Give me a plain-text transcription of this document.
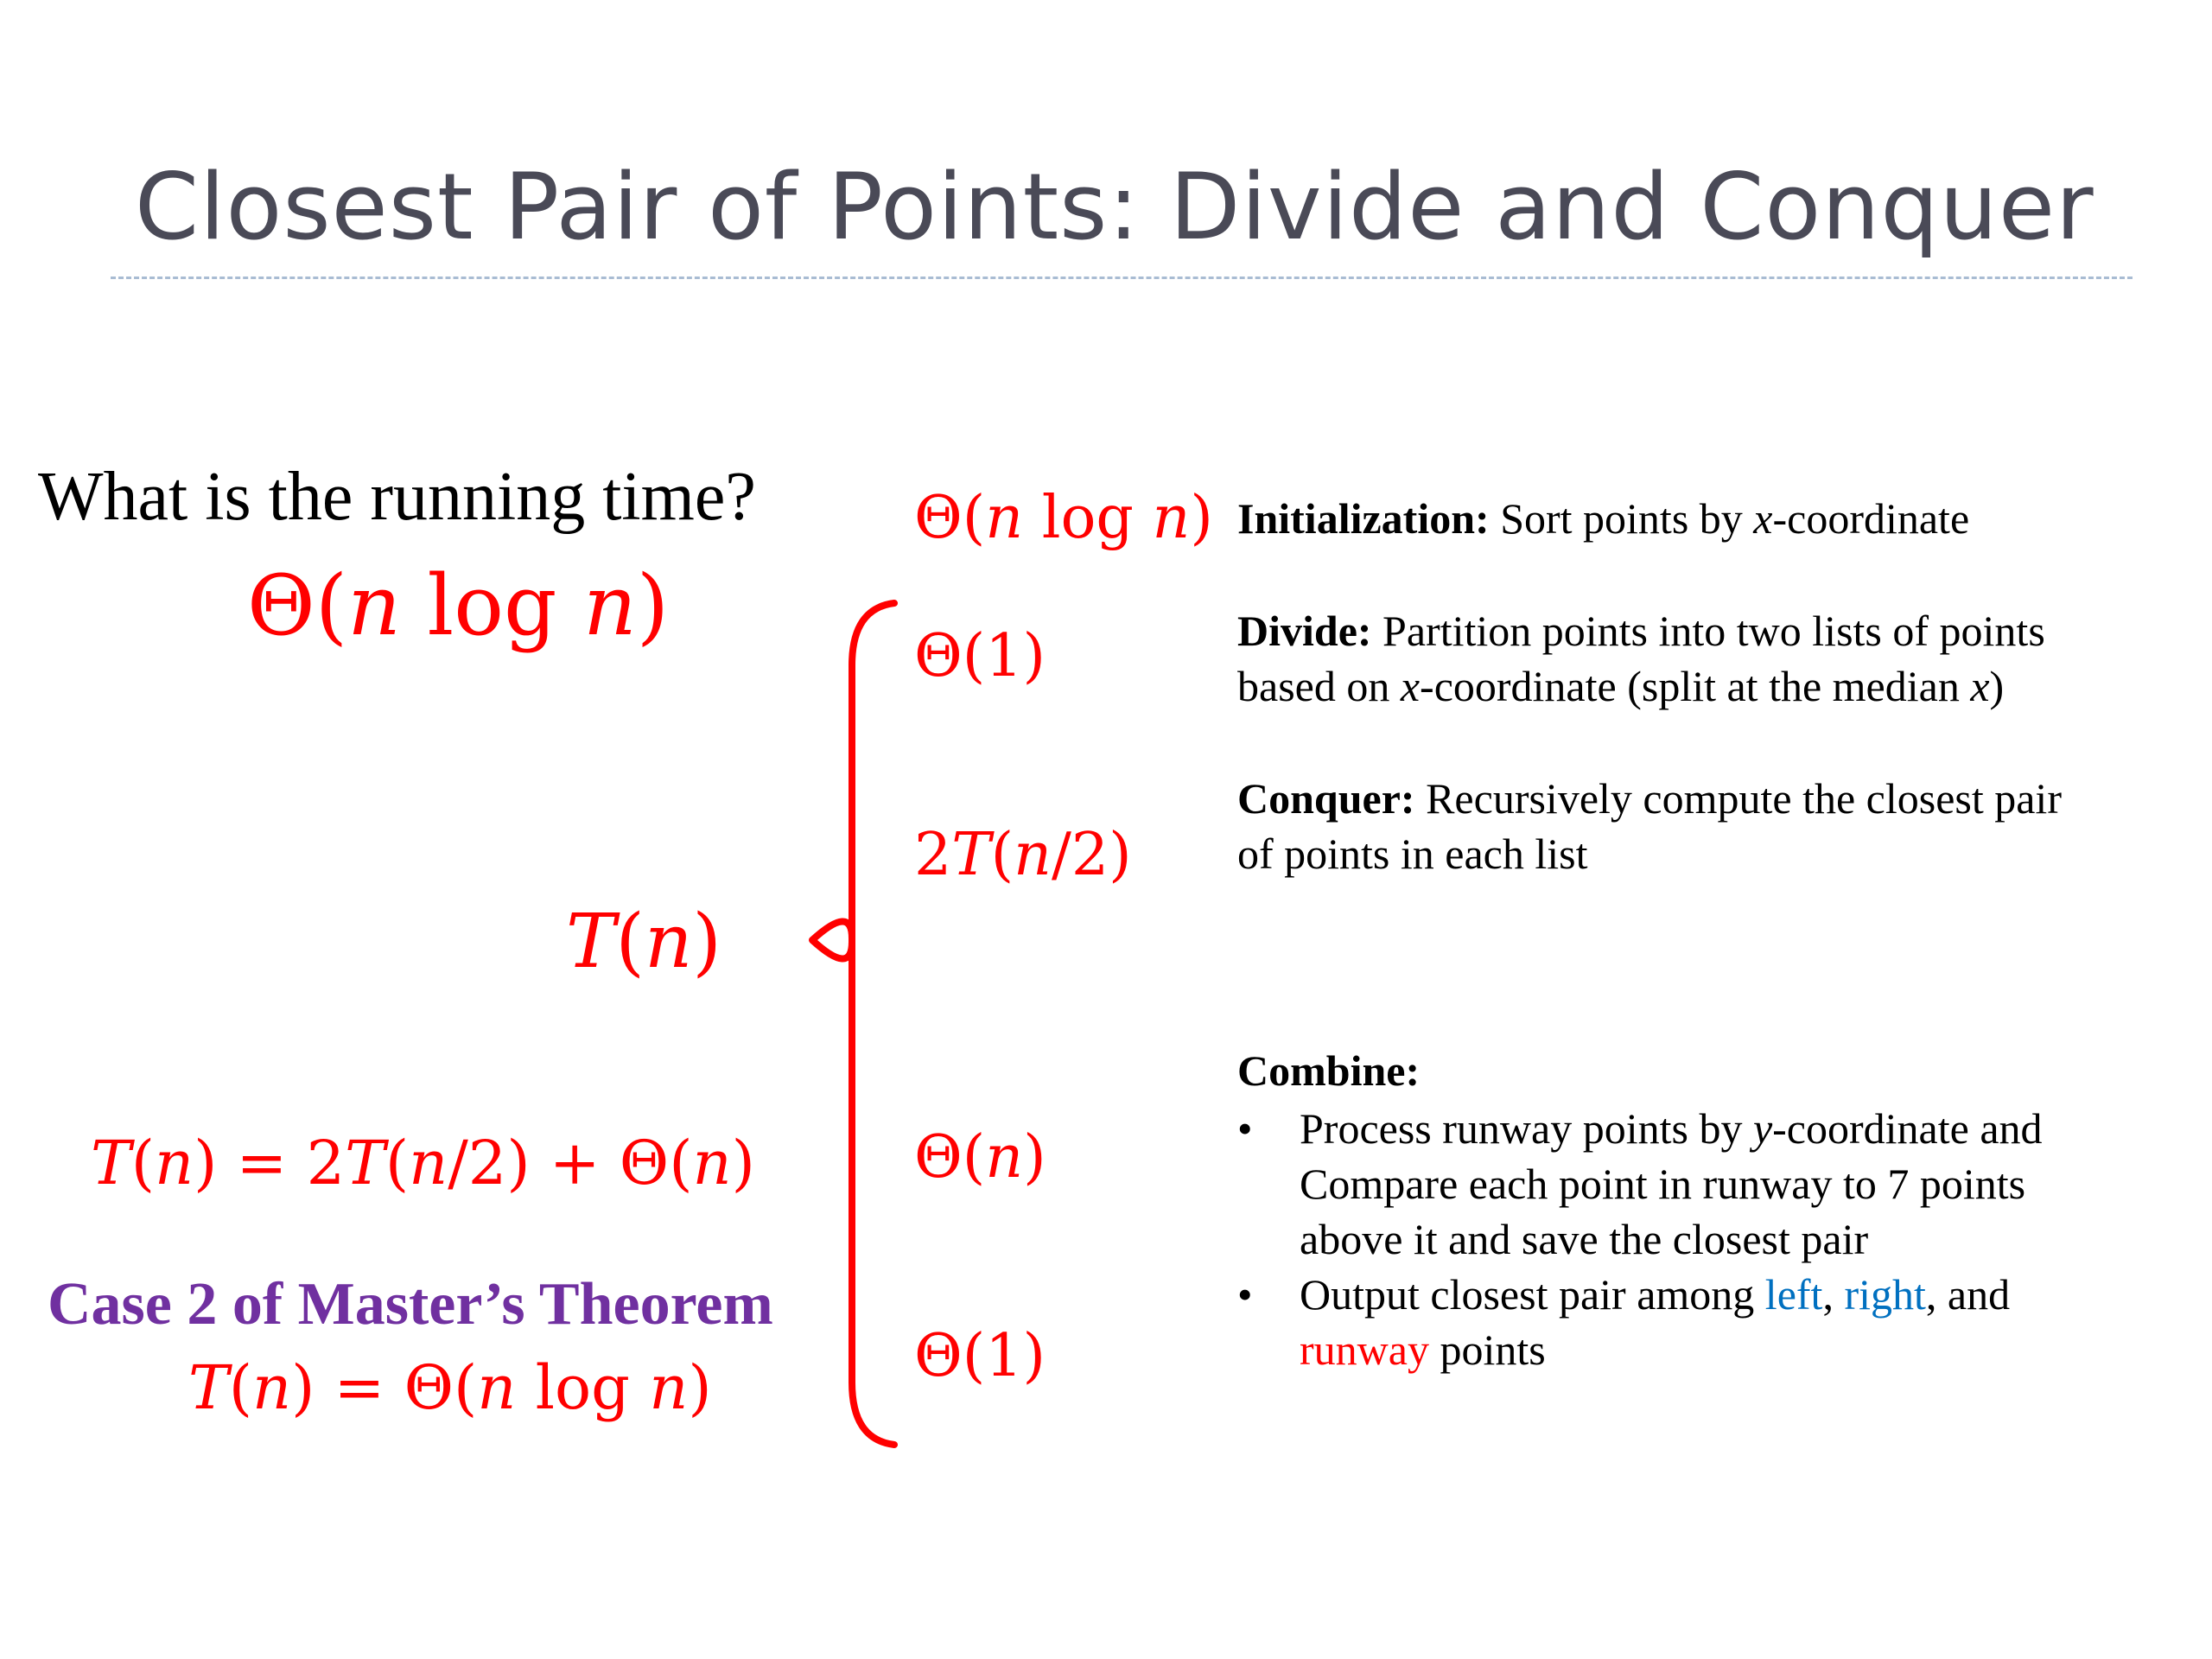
Closest Pair of Points: Divide and Conquer
What is the running time?
Θ(n log n)
T(n)
T(n) = 2T(n/2) + Θ(n)
Case 2 of Master’s Theorem
T(n) = Θ(n log n)
Θ(n log n)
Θ(1)
2T(n/2)
Θ(n)
Θ(1)
Initialization: Sort points by x-coordinate
Divide: Partition points into two lists of points
based on x-coordinate (split at the median x)
Conquer: Recursively compute the closest pair
of points in each list
Combine:
•	Process runway points by y-coordinate and
Compare each point in runway to 7 points
above it and save the closest pair
•	Output closest pair among left, right, and
runway points
